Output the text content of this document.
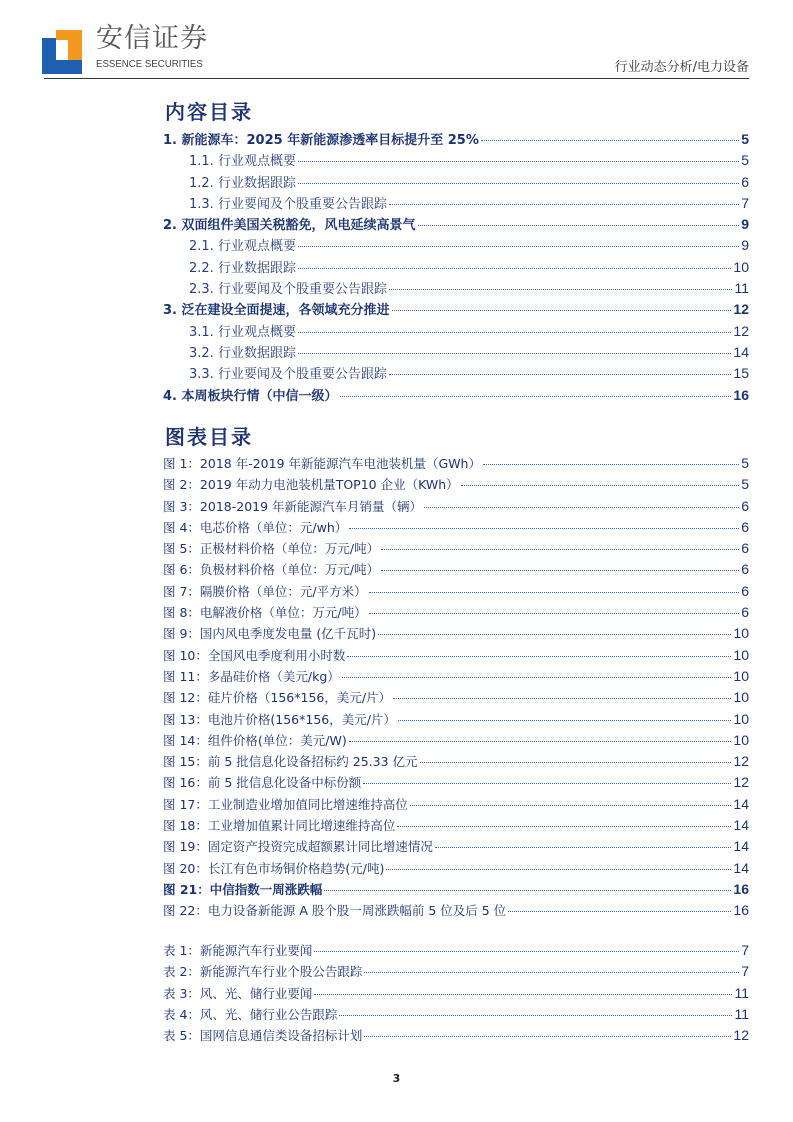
安信证券
ESSENCE SECURITIES	行业动态分析/电力设备
内容目录
1. 新能源车：2025 年新能源渗透率目标提升至 25%	5
1.1. 行业观点概要	5
1.2. 行业数据跟踪	6
1.3. 行业要闻及个股重要公告跟踪	7
2. 双面组件美国关税豁免，风电延续高景气	9
2.1. 行业观点概要	9
2.2. 行业数据跟踪	10
2.3. 行业要闻及个股重要公告跟踪	11
3. 泛在建设全面提速，各领域充分推进	12
3.1. 行业观点概要	12
3.2. 行业数据跟踪	14
3.3. 行业要闻及个股重要公告跟踪	15
4. 本周板块行情（中信一级）	16
图表目录
图 1：2018 年-2019 年新能源汽车电池装机量（GWh）	5
图 2：2019 年动力电池装机量TOP10 企业（KWh）	5
图 3：2018-2019 年新能源汽车月销量（辆）	6
图 4：电芯价格（单位：元/wh）	6
图 5：正极材料价格（单位：万元/吨）	6
图 6：负极材料价格（单位：万元/吨）	6
图 7：隔膜价格（单位：元/平方米）	6
图 8：电解液价格（单位：万元/吨）	6
图 9：国内风电季度发电量 (亿千瓦时)	10
图 10：全国风电季度利用小时数	10
图 11：多晶硅价格（美元/kg）	10
图 12：硅片价格（156*156，美元/片）	10
图 13：电池片价格(156*156，美元/片）	10
图 14：组件价格(单位：美元/W)	10
图 15：前 5 批信息化设备招标约 25.33 亿元	12
图 16：前 5 批信息化设备中标份额	12
图 17：工业制造业增加值同比增速维持高位	14
图 18：工业增加值累计同比增速维持高位	14
图 19：固定资产投资完成超额累计同比增速情况	14
图 20：长江有色市场铜价格趋势(元/吨)	14
图 21：中信指数一周涨跌幅	16
图 22：电力设备新能源 A 股个股一周涨跌幅前 5 位及后 5 位	16
表 1：新能源汽车行业要闻	7
表 2：新能源汽车行业个股公告跟踪	7
表 3：风、光、储行业要闻	11
表 4：风、光、储行业公告跟踪	11
表 5：国网信息通信类设备招标计划	12
3
